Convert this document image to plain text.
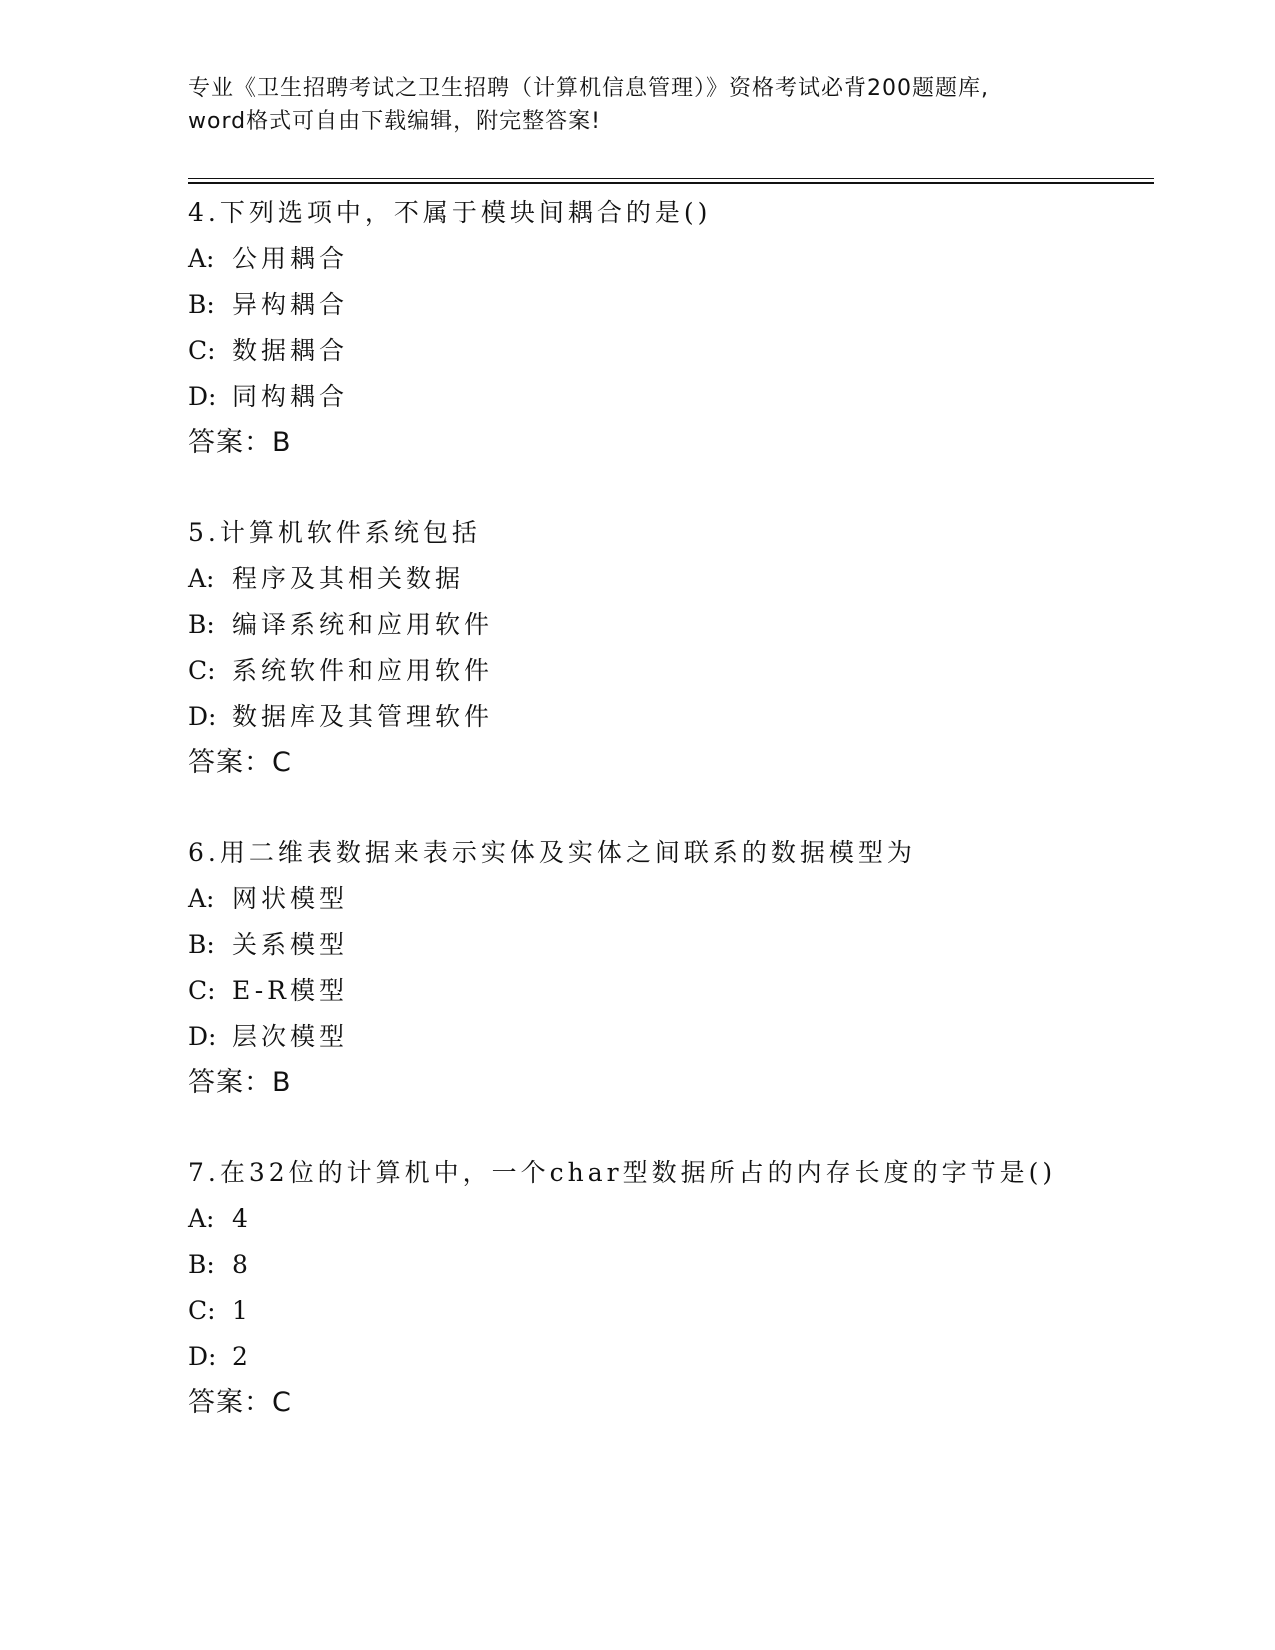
专业《卫生招聘考试之卫生招聘（计算机信息管理）》资格考试必背200题题库,
word格式可自由下载编辑，附完整答案!
4.下列选项中，不属于模块间耦合的是()
A: 公用耦合
B: 异构耦合
C: 数据耦合
D: 同构耦合
答案：B
5.计算机软件系统包括
A: 程序及其相关数据
B: 编译系统和应用软件
C: 系统软件和应用软件
D: 数据库及其管理软件
答案：C
6.用二维表数据来表示实体及实体之间联系的数据模型为
A: 网状模型
B: 关系模型
C: E-R模型
D: 层次模型
答案：B
7.在32位的计算机中，一个char型数据所占的内存长度的字节是()
A: 4
B: 8
C: 1
D: 2
答案：C
